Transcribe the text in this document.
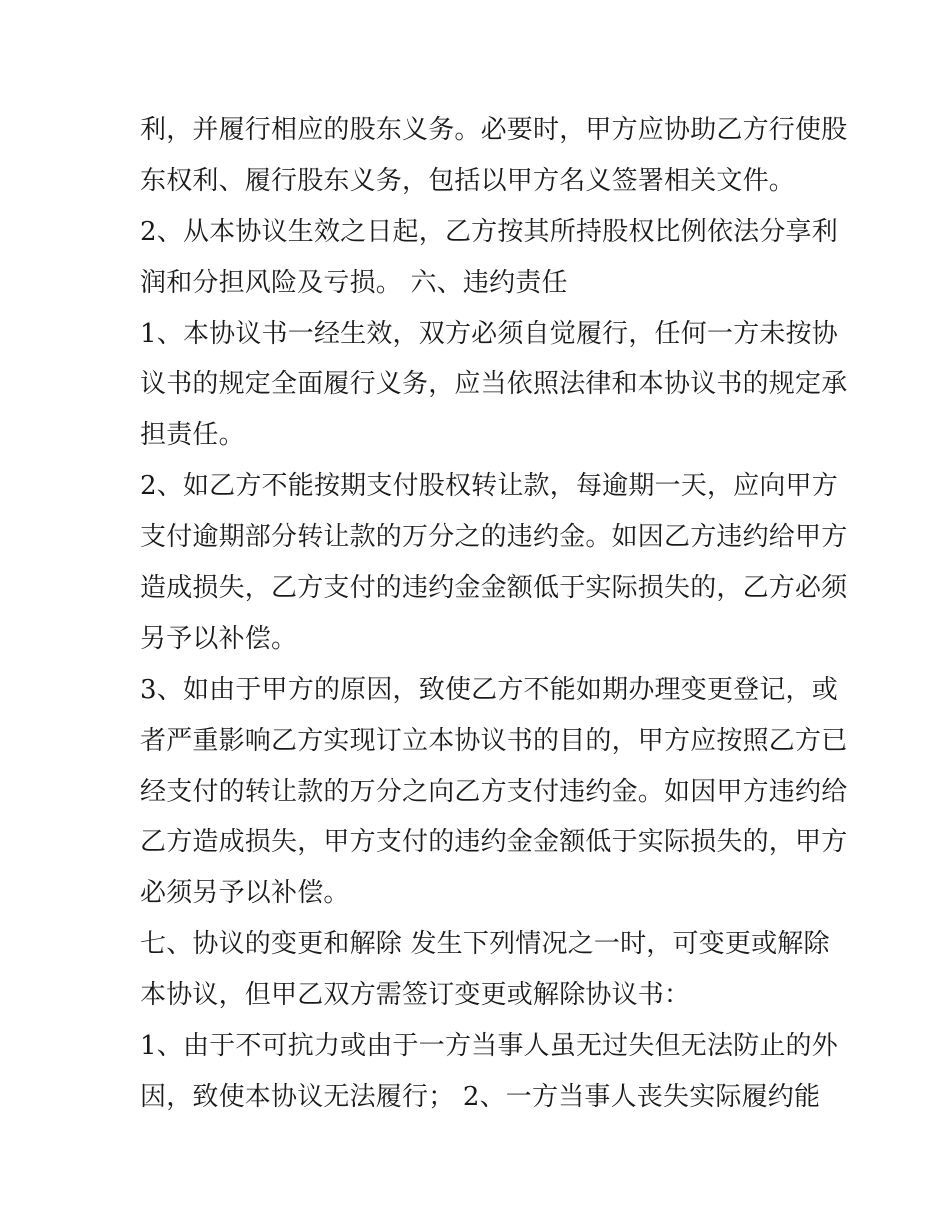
利，并履行相应的股东义务。必要时，甲方应协助乙方行使股
东权利、履行股东义务，包括以甲方名义签署相关文件。
2、从本协议生效之日起，乙方按其所持股权比例依法分享利
润和分担风险及亏损。 六、违约责任
1、本协议书一经生效，双方必须自觉履行，任何一方未按协
议书的规定全面履行义务，应当依照法律和本协议书的规定承
担责任。
2、如乙方不能按期支付股权转让款，每逾期一天，应向甲方
支付逾期部分转让款的万分之的违约金。如因乙方违约给甲方
造成损失，乙方支付的违约金金额低于实际损失的，乙方必须
另予以补偿。
3、如由于甲方的原因，致使乙方不能如期办理变更登记，或
者严重影响乙方实现订立本协议书的目的，甲方应按照乙方已
经支付的转让款的万分之向乙方支付违约金。如因甲方违约给
乙方造成损失，甲方支付的违约金金额低于实际损失的，甲方
必须另予以补偿。
七、协议的变更和解除 发生下列情况之一时，可变更或解除
本协议，但甲乙双方需签订变更或解除协议书：
1、由于不可抗力或由于一方当事人虽无过失但无法防止的外
因，致使本协议无法履行； 2、一方当事人丧失实际履约能
